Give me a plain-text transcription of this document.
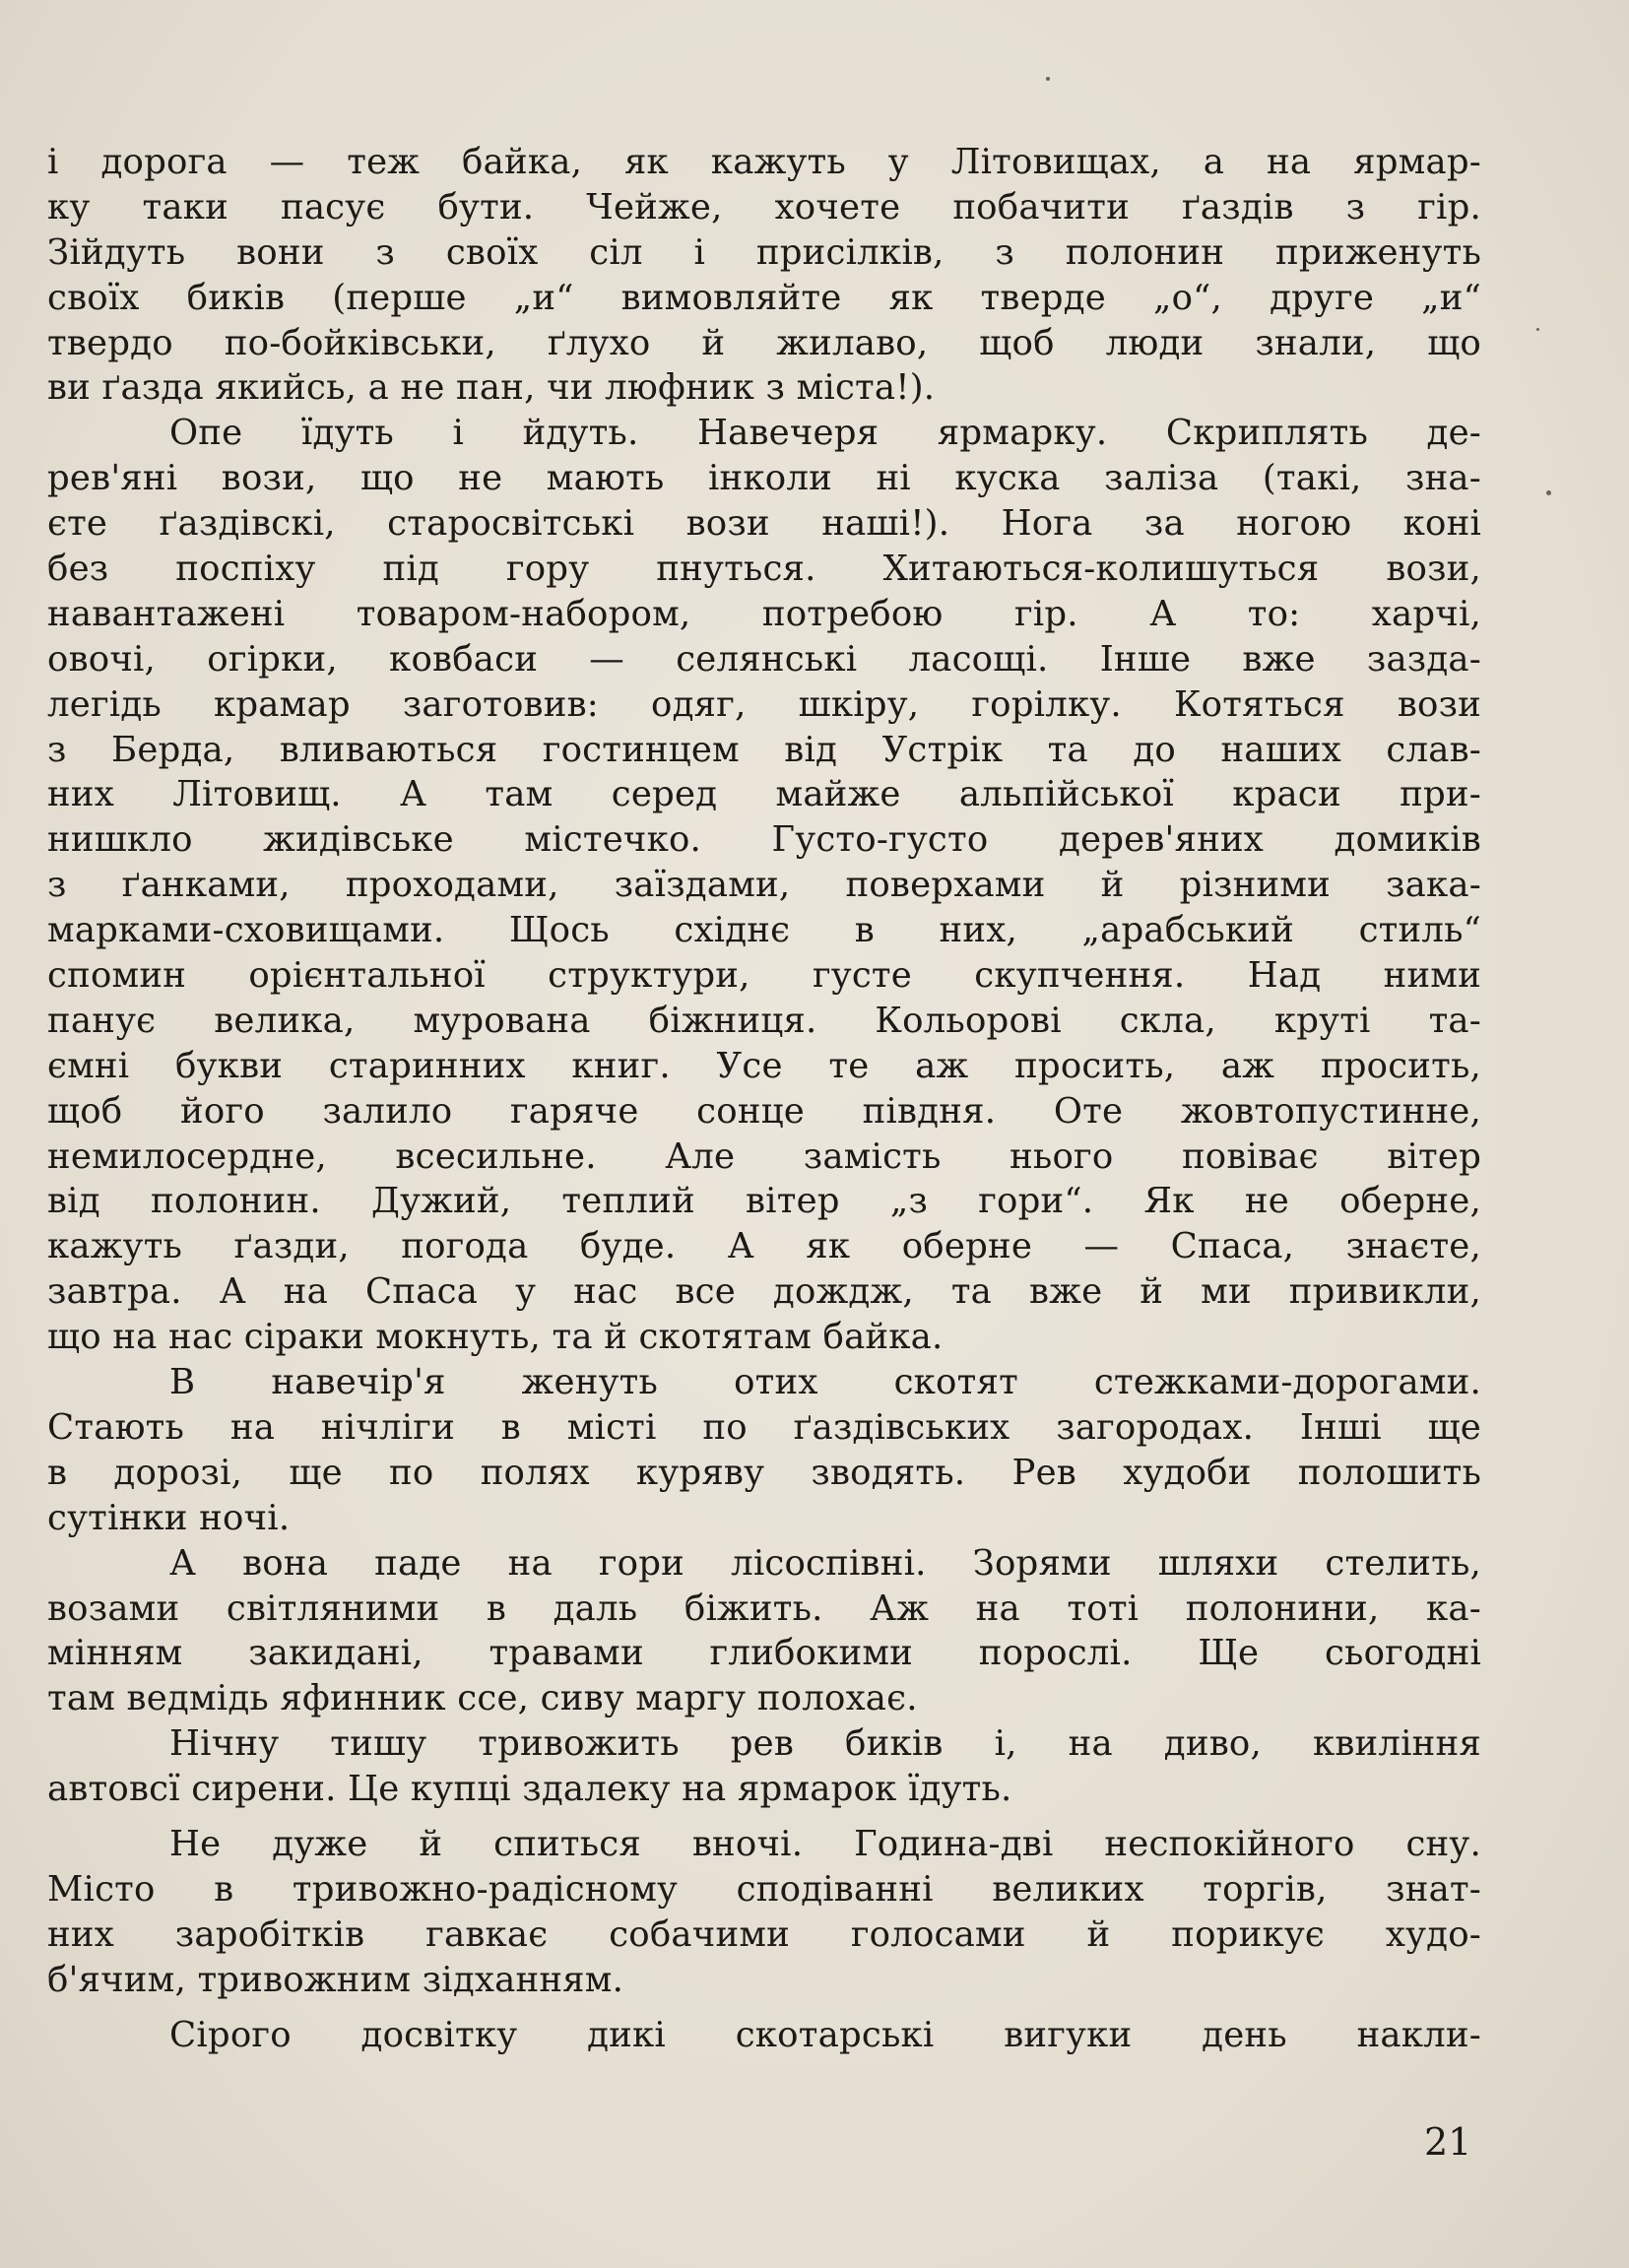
і дорога — теж байка, як кажуть у Літовищах, а на ярмар-
ку таки пасує бути. Чейже, хочете побачити ґаздів з гір.
Зійдуть вони з своїх сіл і присілків, з полонин приженуть
своїх биків (перше „и“ вимовляйте як тверде „о“, друге „и“
твердо по-бойківськи, ґлухо й жилаво, щоб люди знали, що
ви ґазда якийсь, а не пан, чи люфник з міста!).
Опе їдуть і йдуть. Навечеря ярмарку. Скриплять де-
рев'яні вози, що не мають інколи ні куска заліза (такі, зна-
єте ґаздівскі, старосвітські вози наші!). Нога за ногою коні
без поспіху під гору пнуться. Хитаються-колишуться вози,
навантажені товаром-набором, потребою гір. А то: харчі,
овочі, огірки, ковбаси — селянські ласощі. Інше вже зазда-
легідь крамар заготовив: одяг, шкіру, горілку. Котяться вози
з Берда, вливаються гостинцем від Устрік та до наших слав-
них Літовищ. А там серед майже альпійської краси при-
нишкло жидівське містечко. Густо-густо дерев'яних домиків
з ґанками, проходами, заїздами, поверхами й різними зака-
марками-сховищами. Щось східнє в них, „арабський стиль“
спомин орієнтальної структури, густе скупчення. Над ними
панує велика, мурована біжниця. Кольорові скла, круті та-
ємні букви старинних книг. Усе те аж просить, аж просить,
щоб його залило гаряче сонце півдня. Оте жовтопустинне,
немилосердне, всесильне. Але замість нього повіває вітер
від полонин. Дужий, теплий вітер „з гори“. Як не оберне,
кажуть ґазди, погода буде. А як оберне — Спаса, знаєте,
завтра. А на Спаса у нас все дождж, та вже й ми привикли,
що на нас сіраки мокнуть, та й скотятам байка.
В навечір'я женуть отих скотят стежками-дорогами.
Стають на нічліги в місті по ґаздівських загородах. Інші ще
в дорозі, ще по полях куряву зводять. Рев худоби полошить
сутінки ночі.
А вона паде на гори лісоспівні. Зорями шляхи стелить,
возами світляними в даль біжить. Аж на тоті полонини, ка-
мінням закидані, травами глибокими порослі. Ще сьогодні
там ведмідь яфинник ссе, сиву маргу полохає.
Нічну тишу тривожить рев биків і, на диво, квиління
автовсї сирени. Це купці здалеку на ярмарок їдуть.
Не дуже й спиться вночі. Година-дві неспокійного сну.
Місто в тривожно-радісному сподіванні великих торгів, знат-
них заробітків гавкає собачими голосами й порикує худо-
б'ячим, тривожним зідханням.
Сірого досвітку дикі скотарські вигуки день накли-
21
